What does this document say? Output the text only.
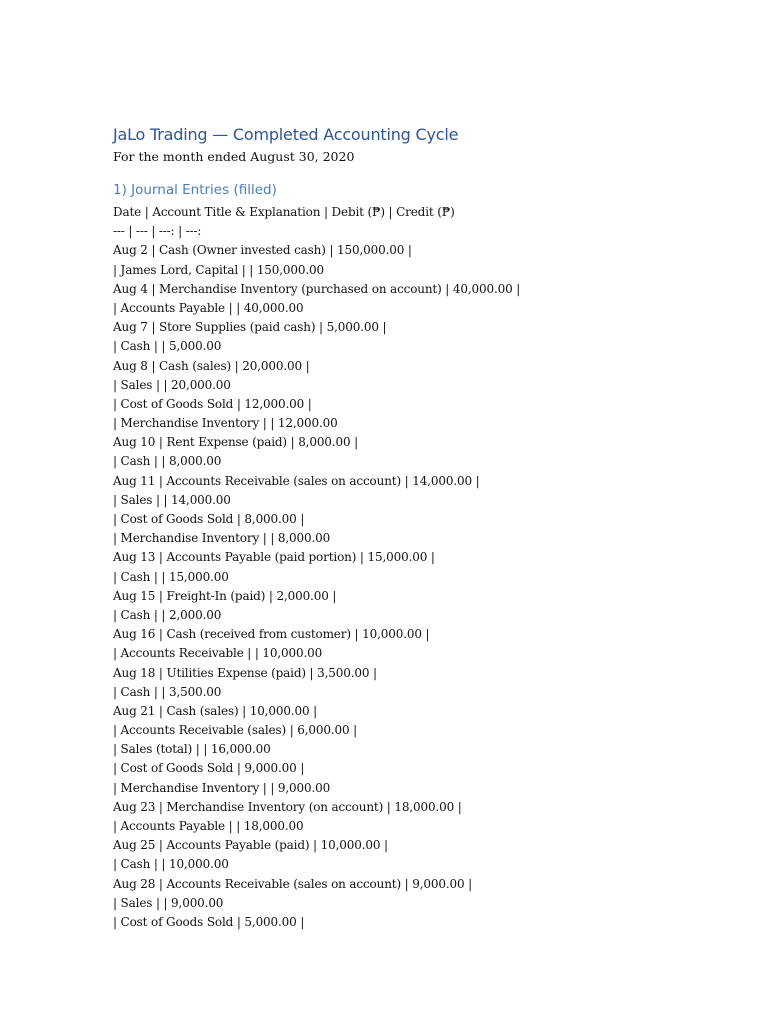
JaLo Trading — Completed Accounting Cycle

For the month ended August 30, 2020

1) Journal Entries (filled)
Date | Account Title & Explanation | Debit (₱) | Credit (₱)
--- | --- | ---: | ---:
Aug 2 | Cash (Owner invested cash) | 150,000.00 |
| James Lord, Capital | | 150,000.00
Aug 4 | Merchandise Inventory (purchased on account) | 40,000.00 |
| Accounts Payable | | 40,000.00
Aug 7 | Store Supplies (paid cash) | 5,000.00 |
| Cash | | 5,000.00
Aug 8 | Cash (sales) | 20,000.00 |
| Sales | | 20,000.00
| Cost of Goods Sold | 12,000.00 |
| Merchandise Inventory | | 12,000.00
Aug 10 | Rent Expense (paid) | 8,000.00 |
| Cash | | 8,000.00
Aug 11 | Accounts Receivable (sales on account) | 14,000.00 |
| Sales | | 14,000.00
| Cost of Goods Sold | 8,000.00 |
| Merchandise Inventory | | 8,000.00
Aug 13 | Accounts Payable (paid portion) | 15,000.00 |
| Cash | | 15,000.00
Aug 15 | Freight-In (paid) | 2,000.00 |
| Cash | | 2,000.00
Aug 16 | Cash (received from customer) | 10,000.00 |
| Accounts Receivable | | 10,000.00
Aug 18 | Utilities Expense (paid) | 3,500.00 |
| Cash | | 3,500.00
Aug 21 | Cash (sales) | 10,000.00 |
| Accounts Receivable (sales) | 6,000.00 |
| Sales (total) | | 16,000.00
| Cost of Goods Sold | 9,000.00 |
| Merchandise Inventory | | 9,000.00
Aug 23 | Merchandise Inventory (on account) | 18,000.00 |
| Accounts Payable | | 18,000.00
Aug 25 | Accounts Payable (paid) | 10,000.00 |
| Cash | | 10,000.00
Aug 28 | Accounts Receivable (sales on account) | 9,000.00 |
| Sales | | 9,000.00
| Cost of Goods Sold | 5,000.00 |
